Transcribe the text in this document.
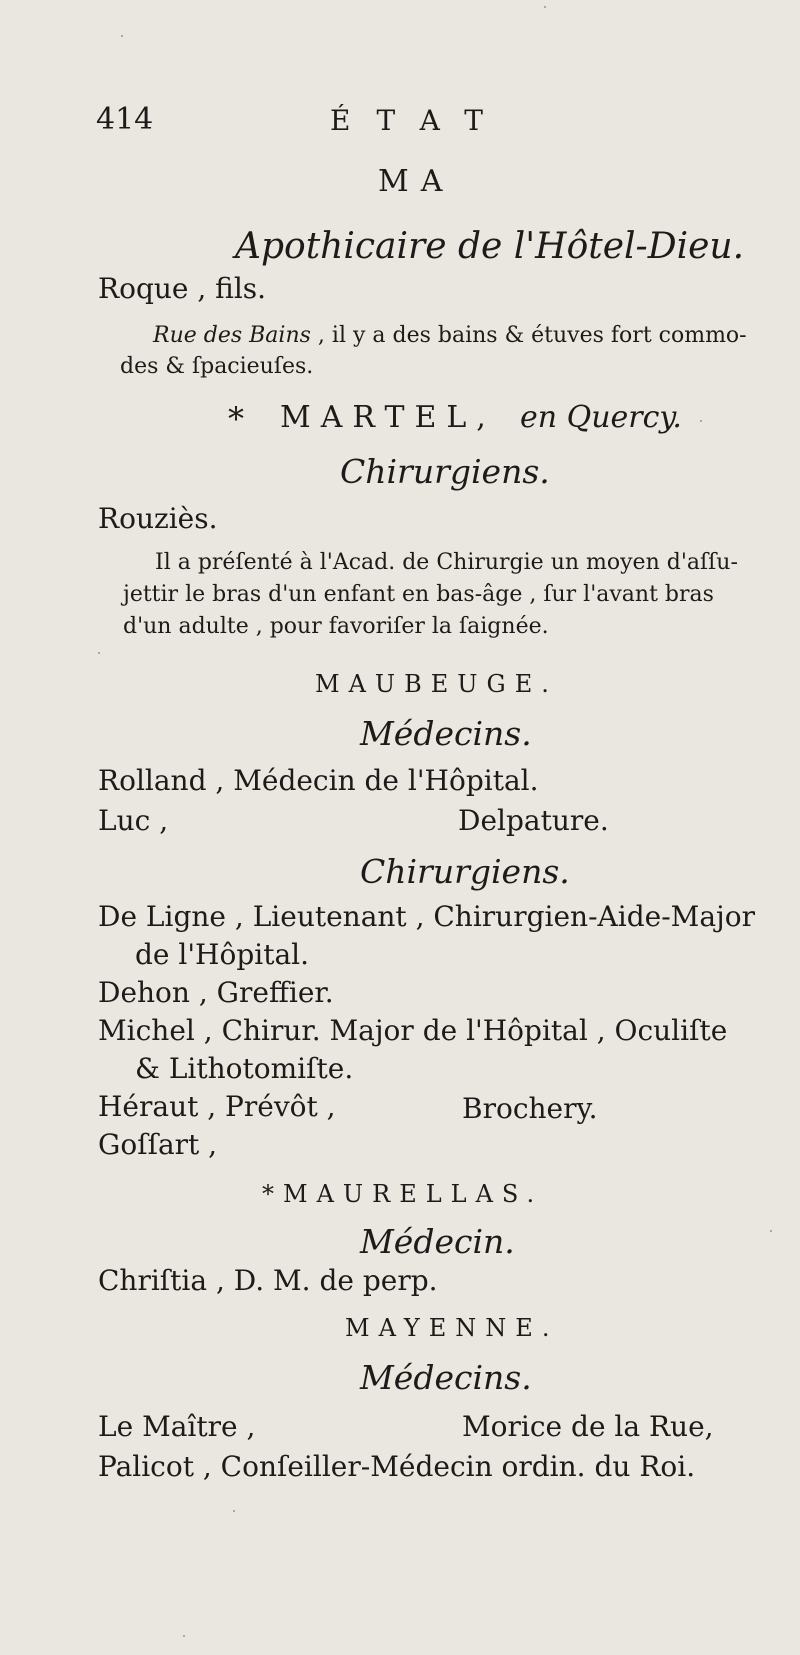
414	ÉTAT
MA
Apothicaire de l'Hôtel-Dieu.
Roque , fils.
Rue des Bains , il y a des bains & étuves fort commo-
des & ſpacieuſes.
* MARTEL, en Quercy.
Chirurgiens.
Rouziès.
Il a préſenté à l'Acad. de Chirurgie un moyen d'aſſu-
jettir le bras d'un enfant en bas-âge , ſur l'avant bras
d'un adulte , pour favoriſer la ſaignée.
MAUBEUGE.
Médecins.
Rolland , Médecin de l'Hôpital.
Luc ,	Delpature.
Chirurgiens.
De Ligne , Lieutenant , Chirurgien-Aide-Major
de l'Hôpital.
Dehon , Greffier.
Michel , Chirur. Major de l'Hôpital , Oculiſte
& Lithotomiſte.
Héraut , Prévôt ,	Brochery.
Goſſart ,
*MAURELLAS.
Médecin.
Chriſtia , D. M. de perp.
MAYENNE.
Médecins.
Le Maître ,	Morice de la Rue,
Palicot , Conſeiller-Médecin ordin. du Roi.
